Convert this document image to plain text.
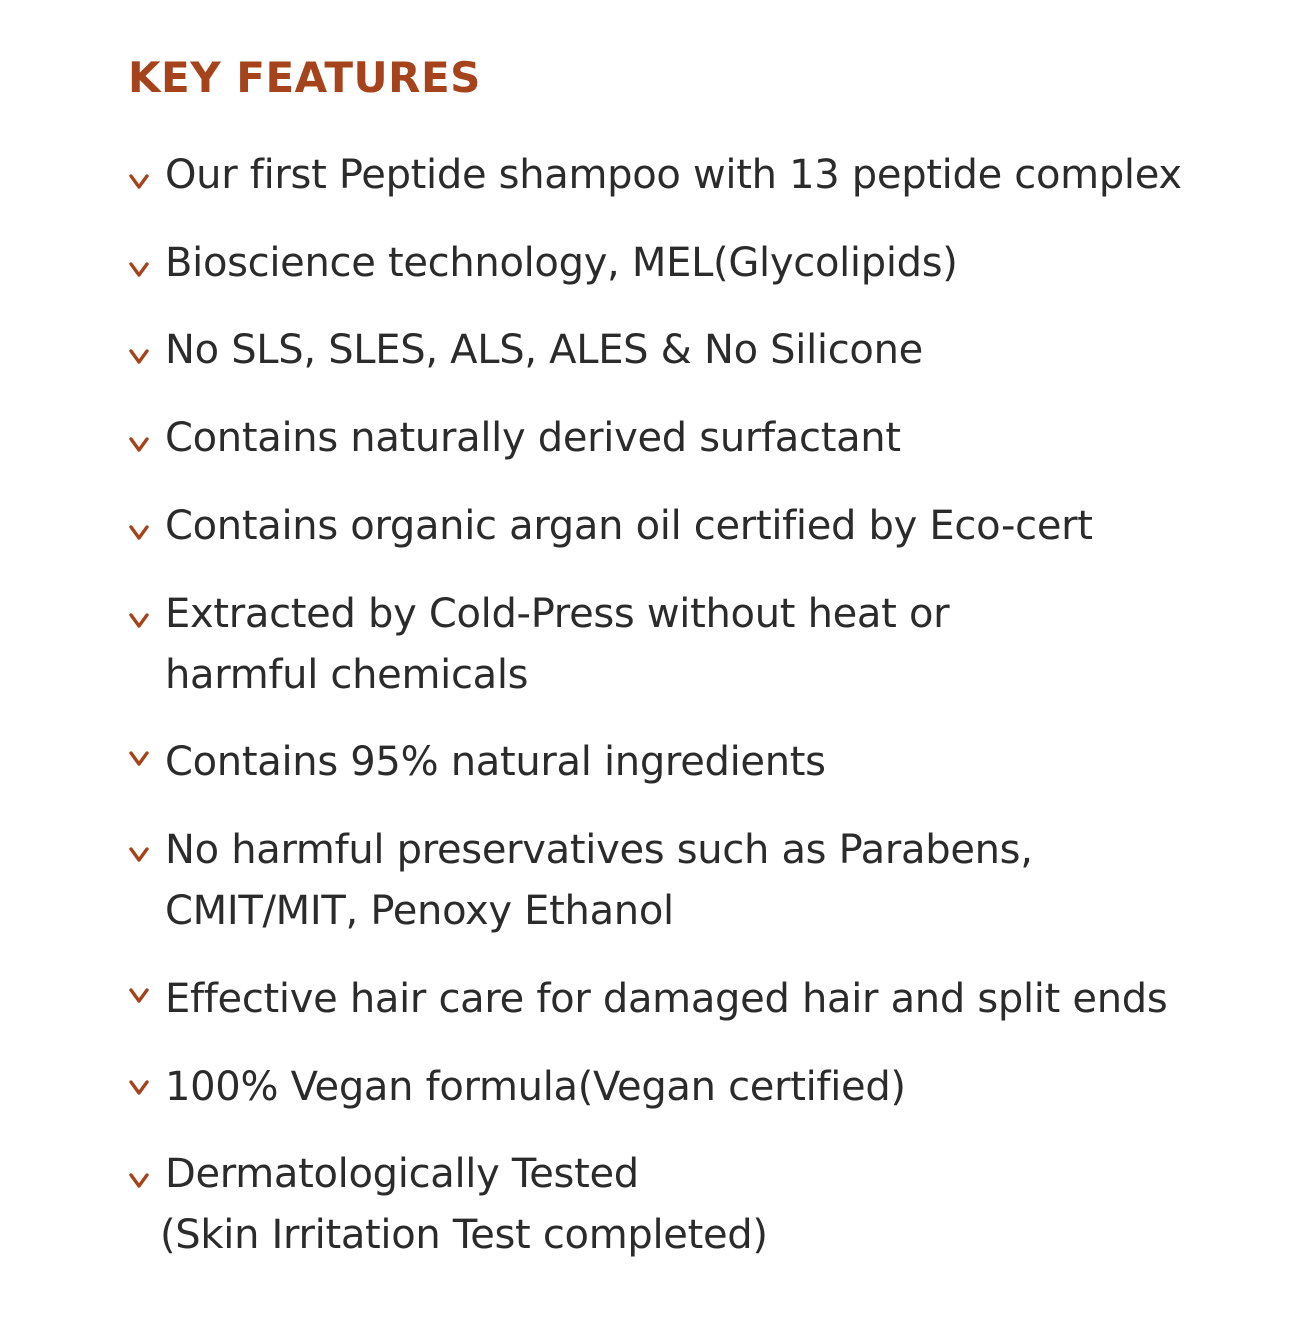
KEY FEATURES
Our first Peptide shampoo with 13 peptide complex
Bioscience technology, MEL(Glycolipids)
No SLS, SLES, ALS, ALES & No Silicone
Contains naturally derived surfactant
Contains organic argan oil certified by Eco-cert
Extracted by Cold-Press without heat or
harmful chemicals
Contains 95% natural ingredients
No harmful preservatives such as Parabens,
CMIT/MIT, Penoxy Ethanol
Effective hair care for damaged hair and split ends
100% Vegan formula(Vegan certified)
Dermatologically Tested
(Skin Irritation Test completed)
